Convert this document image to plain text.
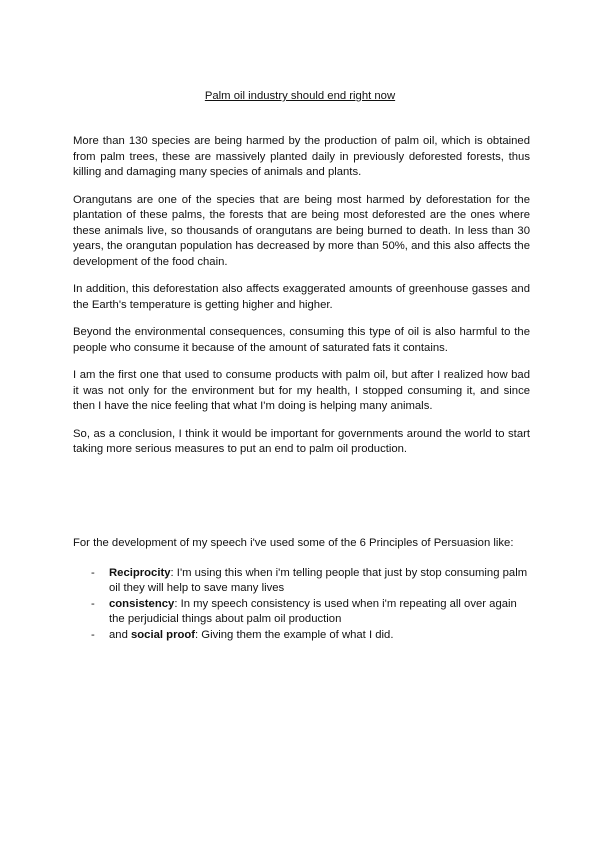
Palm oil industry should end right now

More than 130 species are being harmed by the production of palm oil, which is obtained from palm trees, these are massively planted daily in previously deforested forests, thus killing and damaging many species of animals and plants.

Orangutans are one of the species that are being most harmed by deforestation for the plantation of these palms, the forests that are being most deforested are the ones where these animals live, so thousands of orangutans are being burned to death. In less than 30 years, the orangutan population has decreased by more than 50%, and this also affects the development of the food chain.

In addition, this deforestation also affects exaggerated amounts of greenhouse gasses and the Earth's temperature is getting higher and higher.

Beyond the environmental consequences, consuming this type of oil is also harmful to the people who consume it because of the amount of saturated fats it contains.

I am the first one that used to consume products with palm oil, but after I realized how bad it was not only for the environment but for my health, I stopped consuming it, and since then I have the nice feeling that what I'm doing is helping many animals.

So, as a conclusion, I think it would be important for governments around the world to start taking more serious measures to put an end to palm oil production.

For the development of my speech i've used some of the 6 Principles of Persuasion like:

- Reciprocity: I'm using this when i'm telling people that just by stop consuming palm oil they will help to save many lives
- consistency: In my speech consistency is used when i'm repeating all over again the perjudicial things about palm oil production
- and social proof: Giving them the example of what I did.
